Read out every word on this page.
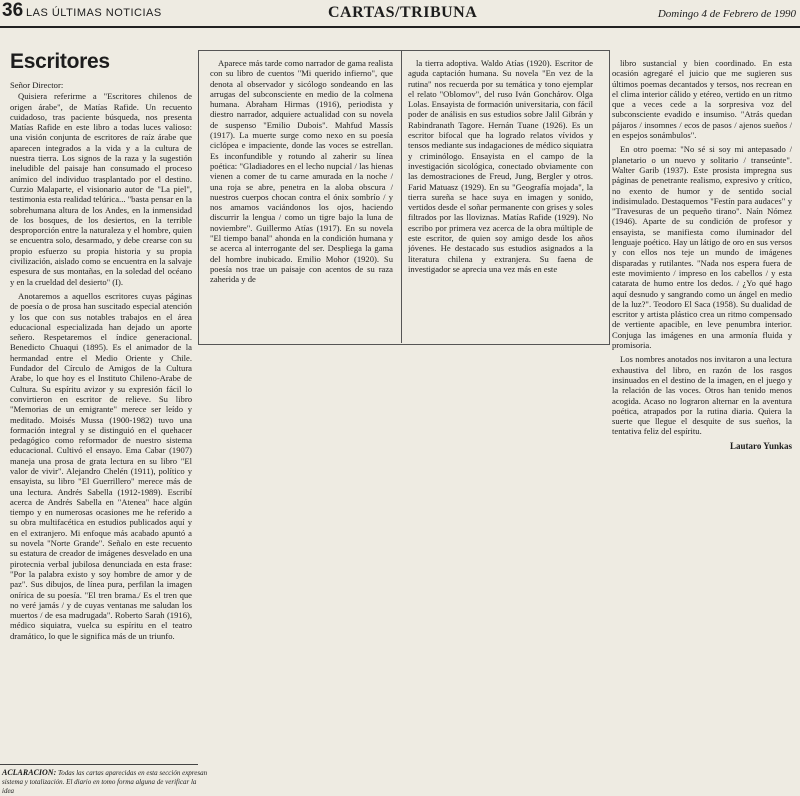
36 LAS ÚLTIMAS NOTICIAS	CARTAS/TRIBUNA	Domingo 4 de Febrero de 1990
Escritores

Señor Director:

Quisiera referirme a "Escritores chilenos de origen árabe", de Matías Rafide. Un recuento cuidadoso, tras paciente búsqueda, nos presenta Matías Rafide en este libro a todas luces valioso: una visión conjunta de escritores de raíz árabe que aparecen integrados a la vida y a la cultura de nuestra tierra. Los signos de la raza y la sugestión ineludible del paisaje han consumado el proceso anímico del individuo trasplantado por el destino. Curzio Malaparte, el visionario autor de "La piel", testimonia esta realidad telúrica... "basta pensar en la sobrehumana altura de los Andes, en la inmensidad de los bosques, de los desiertos, en la terrible desproporción entre la naturaleza y el hombre, quien se encuentra solo, desarmado, y debe crearse con su propio esfuerzo su propia historia y su propia civilización, aislado como se encuentra en la salvaje espesura de sus montañas, en la soledad del océano y en la crueldad del desierto" (I).

Anotaremos a aquellos escritores cuyas páginas de poesía o de prosa han suscitado especial atención y los que con sus notables trabajos en el área educacional especializada han dejado un aporte señero. Respetaremos el índice generacional. Benedicto Chuaqui (1895). Es el animador de la hermandad entre el Medio Oriente y Chile. Fundador del Círculo de Amigos de la Cultura Arabe, lo que hoy es el Instituto Chileno-Arabe de Cultura. Su espíritu avizor y su expresión fácil lo convirtieron en escritor de relieve. Su libro "Memorias de un emigrante" merece ser leído y meditado. Moisés Mussa (1900-1982) tuvo una formación integral y se distinguió en el quehacer pedagógico como reformador de nuestro sistema educacional. Cultivó el ensayo. Ema Cabar (1907) maneja una prosa de grata lectura en su libro "El valor de vivir". Alejandro Chelén (1911), político y ensayista, su libro "El Guerrillero" merece más de una lectura. Andrés Sabella (1912-1989). Escribí acerca de Andrés Sabella en "Atenea" hace algún tiempo y en numerosas ocasiones me he referido a su obra multifacética en estudios publicados aquí y en el extranjero. Mi enfoque más acabado apuntó a su novela "Norte Grande". Señalo en este recuento su estatura de creador de imágenes desvelado en una pirotecnia verbal jubilosa denunciada en esta frase: "Por la palabra existo y soy hombre de amor y de paz". Sus dibujos, de línea pura, perfilan la imagen onírica de su poesía. "El tren brama./ Es el tren que no veré jamás / y de cuyas ventanas me saludan los muertos / de esa madrugada". Roberto Sarah (1916), médico siquiatra, vuelca su espíritu en el teatro dramático, lo que le significa más de un triunfo.

Aparece más tarde como narrador de gama realista con su libro de cuentos "Mi querido infierno", que denota al observador y sicólogo sondeando en las arrugas del subconsciente en medio de la colmena humana. Abraham Hirmas (1916), periodista y diestro narrador, adquiere actualidad con su novela de suspenso "Emilio Dubois". Mahfud Massís (1917). La muerte surge como nexo en su poesía ciclópea e impaciente, donde las voces se estrellan. Es inconfundible y rotundo al zaherir su línea poética: "Gladiadores en el lecho nupcial / las hienas vienen a comer de tu carne amurada en la noche / una roja se abre, penetra en la aloba obscura / nuestros cuerpos chocan contra el ónix sombrío / y nos amamos vaciándonos los ojos, haciendo discurrir la lengua / como un tigre bajo la luna de noviembre". Guillermo Atías (1917). En su novela "El tiempo banal" ahonda en la condición humana y se acerca al interrogante del ser. Despliega la gama del hombre inubicado. Emilio Mohor (1920). Su poesía nos trae un paisaje con acentos de su raza zaherida y de

la tierra adoptiva. Waldo Atías (1920). Escritor de aguda captación humana. Su novela "En vez de la rutina" nos recuerda por su temática y tono ejemplar el relato "Oblomov", del ruso Iván Gonchárov. Olga Lolas. Ensayista de formación universitaria, con fácil poder de análisis en sus estudios sobre Jalil Gibrán y Rabindranath Tagore. Hernán Tuane (1926). Es un escritor bifocal que ha logrado relatos vívidos y tensos mediante sus indagaciones de médico siquiatra y criminólogo. Ensayista en el campo de la investigación sicológica, conectado obviamente con las demostraciones de Freud, Jung, Bergler y otros. Farid Matuasz (1929). En su "Geografía mojada", la tierra sureña se hace suya en imagen y sonido, vertidos desde el soñar permanente con grises y soles filtrados por las lloviznas. Matías Rafide (1929). No escribo por primera vez acerca de la obra múltiple de este escritor, de quien soy amigo desde los años jóvenes. He destacado sus estudios asignados a la literatura chilena y extranjera. Su faena de investigador se aprecia una vez más en este

libro sustancial y bien coordinado. En esta ocasión agregaré el juicio que me sugieren sus últimos poemas decantados y tersos, nos recrean en el clima interior cálido y etéreo, vertido en un ritmo que a veces cede a la sorpresiva voz del subconsciente evadido e insumiso. "Atrás quedan pájaros / insomnes / ecos de pasos / ajenos sueños / en espejos sonámbulos".

En otro poema: "No sé si soy mi antepasado / planetario o un nuevo y solitario / transeúnte". Walter Garib (1937). Este prosista impregna sus páginas de penetrante realismo, expresivo y crítico, no exento de humor y de sentido social indisimulado. Destaquemos "Festín para audaces" y "Travesuras de un pequeño tirano". Naín Nómez (1946). Aparte de su condición de profesor y ensayista, se manifiesta como iluminador del lenguaje poético. Hay un látigo de oro en sus versos y con ellos nos teje un mundo de imágenes disparadas y rutilantes. "Nada nos espera fuera de este movimiento / impreso en los cabellos / y esta catarata de humo entre los dedos. / ¿Yo qué hago aquí desnudo y sangrando como un ángel en medio de la luz?". Teodoro El Saca (1958). Su dualidad de escritor y artista plástico crea un ritmo compensado de vertiente apacible, en leve penumbra interior. Conjuga las imágenes en una armonía fluida y promisoria.

Los nombres anotados nos invitaron a una lectura exhaustiva del libro, en razón de los rasgos insinuados en el destino de la imagen, en el juego y la relación de las voces. Otros han tenido menos acogida. Acaso no lograron alternar en la aventura poética, atrapados por la rutina diaria. Quiera la suerte que llegue el desquite de sus sueños, la tentativa feliz del espíritu.

Lautaro Yunkas
ACLARACION: Todas las cartas aparecidas en esta sección expresan sistema y totalización. El diario en tomo forma alguna de verificar la idea
